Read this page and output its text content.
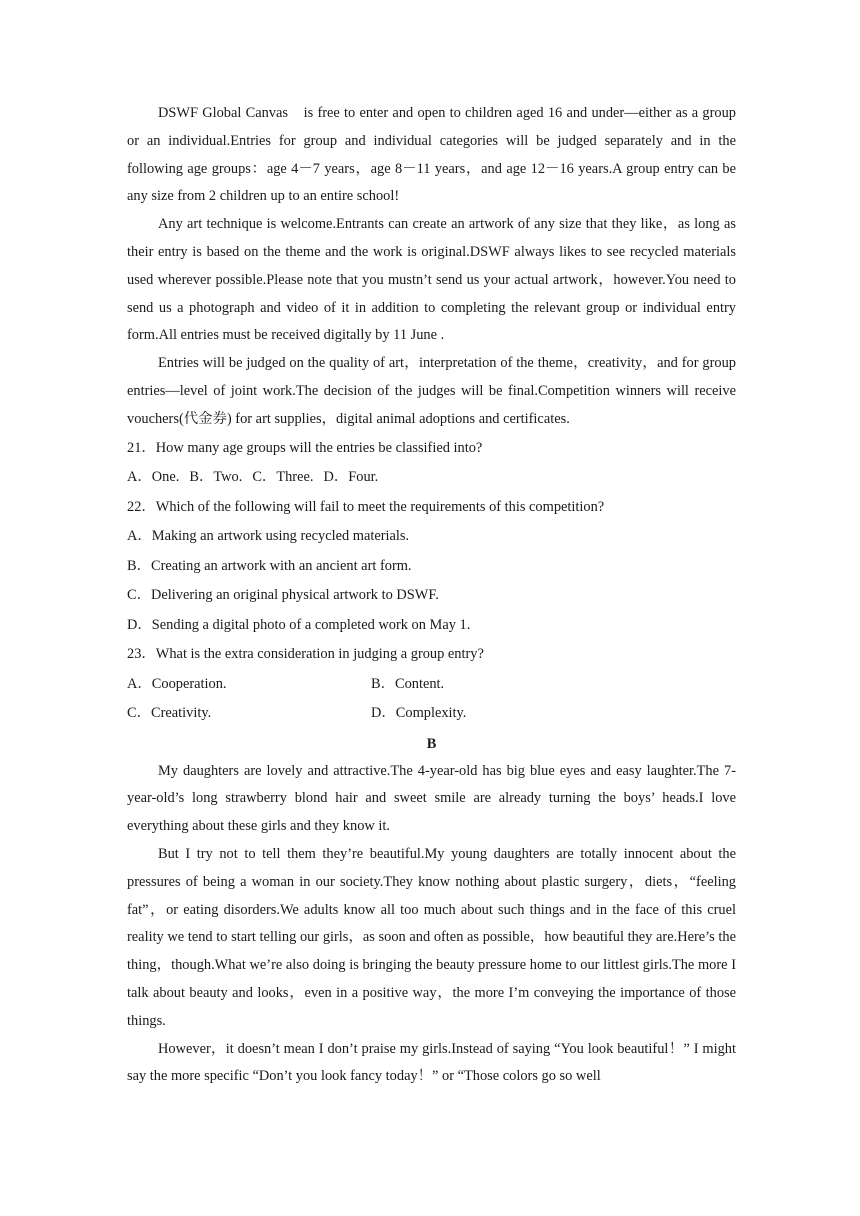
DSWF Global Canvas　is free to enter and open to children aged 16 and under—either as a group or an individual.Entries for group and individual categories will be judged separately and in the following age groups：age 4－7 years，age 8－11 years，and age 12－16 years.A group entry can be any size from 2 children up to an entire school!

Any art technique is welcome.Entrants can create an artwork of any size that they like，as long as their entry is based on the theme and the work is original.DSWF always likes to see recycled materials used wherever possible.Please note that you mustn’t send us your actual artwork，however.You need to send us a photograph and video of it in addition to completing the relevant group or individual entry form.All entries must be received digitally by 11 June .

Entries will be judged on the quality of art，interpretation of the theme，creativity，and for group entries—level of joint work.The decision of the judges will be final.Competition winners will receive vouchers(代金券) for art supplies，digital animal adoptions and certificates.

21．How many age groups will the entries be classified into?

A．One. B．Two. C．Three. D．Four.

22．Which of the following will fail to meet the requirements of this competition?

A．Making an artwork using recycled materials.

B．Creating an artwork with an ancient art form.

C．Delivering an original physical artwork to DSWF.

D．Sending a digital photo of a completed work on May 1.

23．What is the extra consideration in judging a group entry?

A．Cooperation.	B．Content.
C．Creativity.	D．Complexity.

B

My daughters are lovely and attractive.The 4-year-old has big blue eyes and easy laughter.The 7-year-old’s long strawberry blond hair and sweet smile are already turning the boys’ heads.I love everything about these girls and they know it.

But I try not to tell them they’re beautiful.My young daughters are totally innocent about the pressures of being a woman in our society.They know nothing about plastic surgery，diets，“feeling fat”，or eating disorders.We adults know all too much about such things and in the face of this cruel reality we tend to start telling our girls，as soon and often as possible，how beautiful they are.Here’s the thing，though.What we’re also doing is bringing the beauty pressure home to our littlest girls.The more I talk about beauty and looks，even in a positive way，the more I’m conveying the importance of those things.

However，it doesn’t mean I don’t praise my girls.Instead of saying “You look beautiful！” I might say the more specific “Don’t you look fancy today！” or “Those colors go so well
